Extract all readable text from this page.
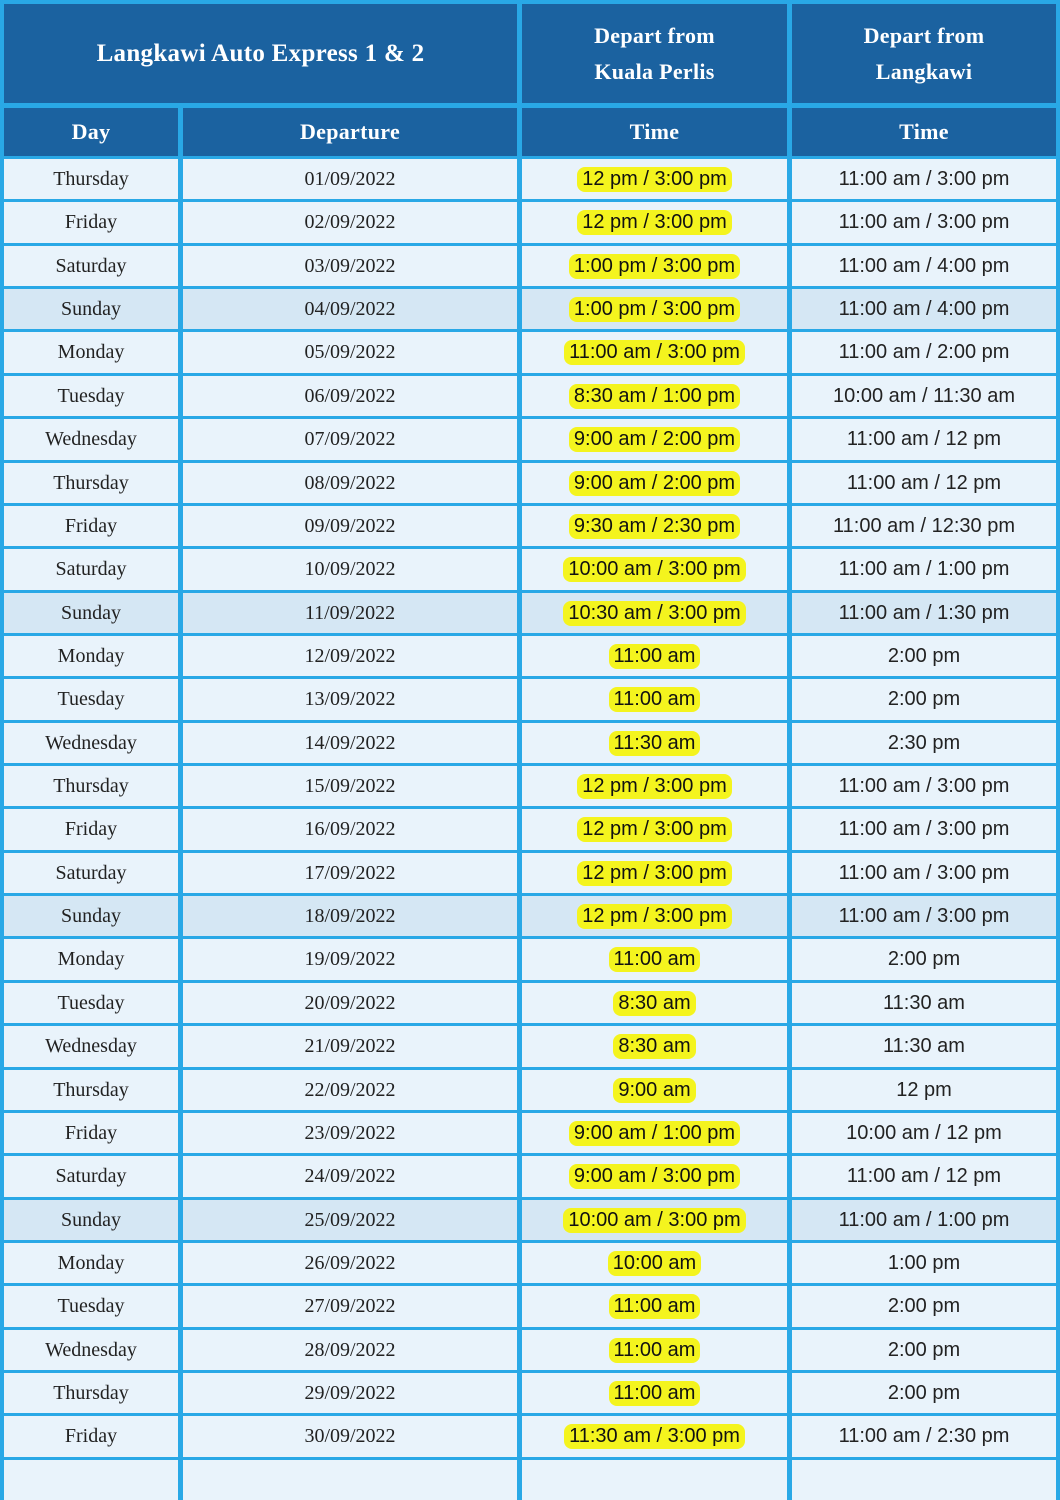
Langkawi Auto Express 1 & 2
Depart from
Kuala Perlis
Depart from
Langkawi
Day	Departure	Time	Time
Thursday	01/09/2022	12 pm / 3:00 pm	11:00 am / 3:00 pm
Friday	02/09/2022	12 pm / 3:00 pm	11:00 am / 3:00 pm
Saturday	03/09/2022	1:00 pm / 3:00 pm	11:00 am / 4:00 pm
Sunday	04/09/2022	1:00 pm / 3:00 pm	11:00 am / 4:00 pm
Monday	05/09/2022	11:00 am / 3:00 pm	11:00 am / 2:00 pm
Tuesday	06/09/2022	8:30 am / 1:00 pm	10:00 am / 11:30 am
Wednesday	07/09/2022	9:00 am / 2:00 pm	11:00 am / 12 pm
Thursday	08/09/2022	9:00 am / 2:00 pm	11:00 am / 12 pm
Friday	09/09/2022	9:30 am / 2:30 pm	11:00 am / 12:30 pm
Saturday	10/09/2022	10:00 am / 3:00 pm	11:00 am / 1:00 pm
Sunday	11/09/2022	10:30 am / 3:00 pm	11:00 am / 1:30 pm
Monday	12/09/2022	11:00 am	2:00 pm
Tuesday	13/09/2022	11:00 am	2:00 pm
Wednesday	14/09/2022	11:30 am	2:30 pm
Thursday	15/09/2022	12 pm / 3:00 pm	11:00 am / 3:00 pm
Friday	16/09/2022	12 pm / 3:00 pm	11:00 am / 3:00 pm
Saturday	17/09/2022	12 pm / 3:00 pm	11:00 am / 3:00 pm
Sunday	18/09/2022	12 pm / 3:00 pm	11:00 am / 3:00 pm
Monday	19/09/2022	11:00 am	2:00 pm
Tuesday	20/09/2022	8:30 am	11:30 am
Wednesday	21/09/2022	8:30 am	11:30 am
Thursday	22/09/2022	9:00 am	12 pm
Friday	23/09/2022	9:00 am / 1:00 pm	10:00 am / 12 pm
Saturday	24/09/2022	9:00 am / 3:00 pm	11:00 am / 12 pm
Sunday	25/09/2022	10:00 am / 3:00 pm	11:00 am / 1:00 pm
Monday	26/09/2022	10:00 am	1:00 pm
Tuesday	27/09/2022	11:00 am	2:00 pm
Wednesday	28/09/2022	11:00 am	2:00 pm
Thursday	29/09/2022	11:00 am	2:00 pm
Friday	30/09/2022	11:30 am / 3:00 pm	11:00 am / 2:30 pm
